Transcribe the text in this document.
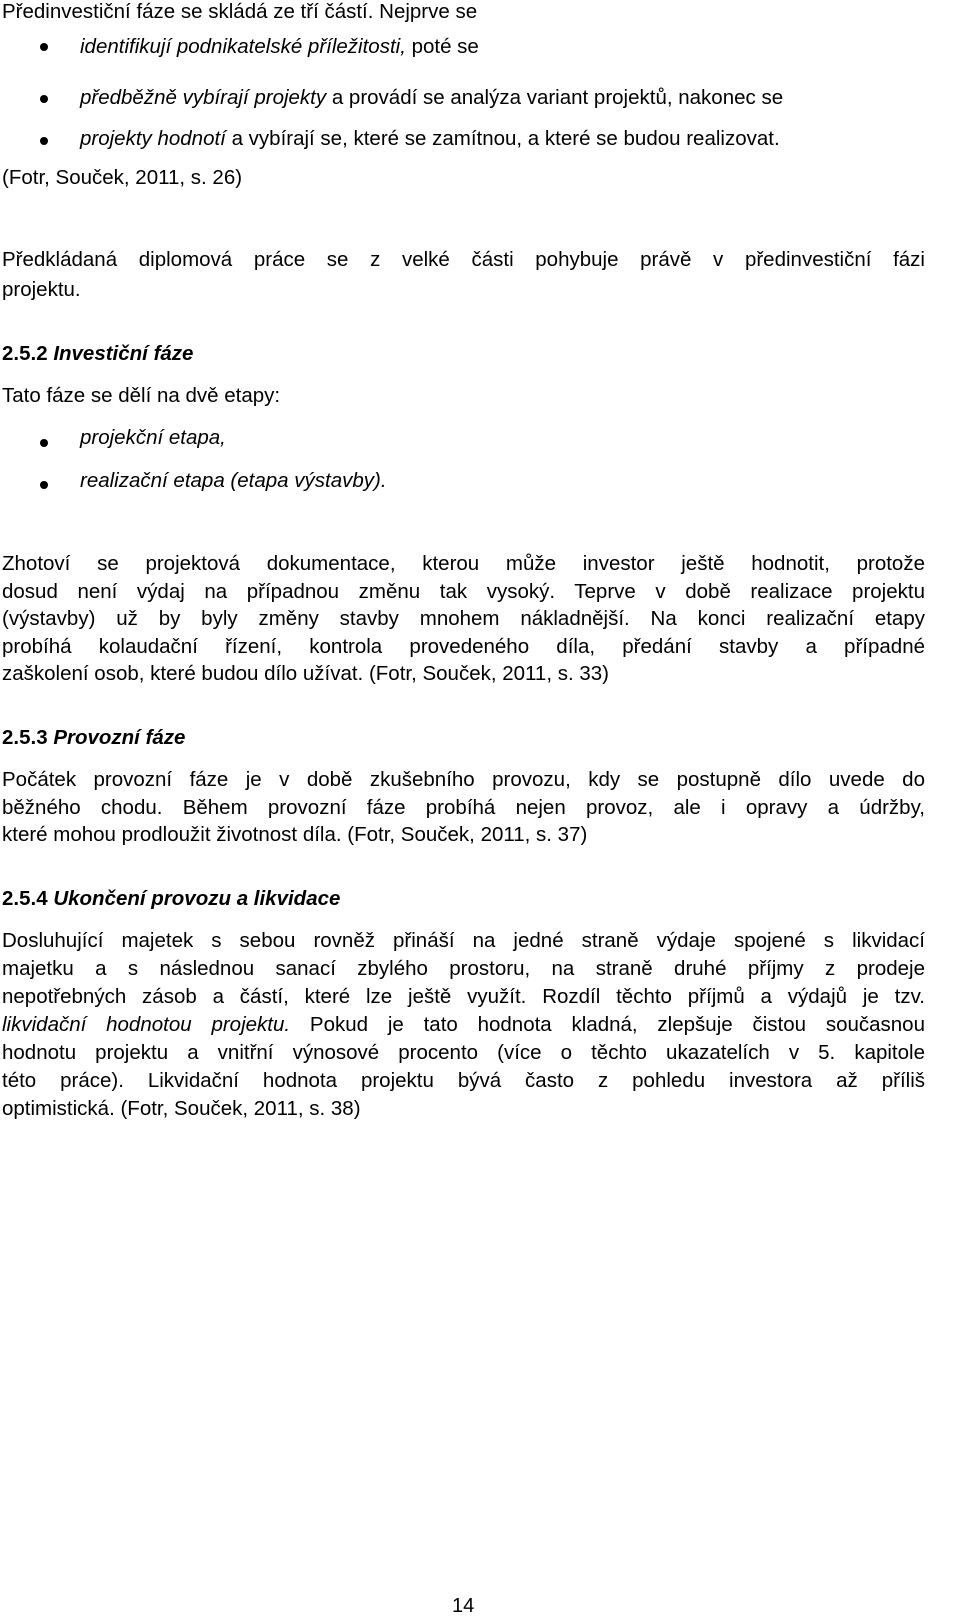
Předinvestiční fáze se skládá ze tří částí. Nejprve se
identifikují podnikatelské příležitosti, poté se
předběžně vybírají projekty a provádí se analýza variant projektů, nakonec se
projekty hodnotí a vybírají se, které se zamítnou, a které se budou realizovat.
(Fotr, Souček, 2011, s. 26)
Předkládaná diplomová práce se z velké části pohybuje právě v předinvestiční fázi
projektu.
2.5.2 Investiční fáze
Tato fáze se dělí na dvě etapy:
projekční etapa,
realizační etapa (etapa výstavby).
Zhotoví se projektová dokumentace, kterou může investor ještě hodnotit, protože
dosud není výdaj na případnou změnu tak vysoký. Teprve v době realizace projektu
(výstavby) už by byly změny stavby mnohem nákladnější. Na konci realizační etapy
probíhá kolaudační řízení, kontrola provedeného díla, předání stavby a případné
zaškolení osob, které budou dílo užívat. (Fotr, Souček, 2011, s. 33)
2.5.3 Provozní fáze
Počátek provozní fáze je v době zkušebního provozu, kdy se postupně dílo uvede do
běžného chodu. Během provozní fáze probíhá nejen provoz, ale i opravy a údržby,
které mohou prodloužit životnost díla. (Fotr, Souček, 2011, s. 37)
2.5.4 Ukončení provozu a likvidace
Dosluhující majetek s sebou rovněž přináší na jedné straně výdaje spojené s likvidací
majetku a s následnou sanací zbylého prostoru, na straně druhé příjmy z prodeje
nepotřebných zásob a částí, které lze ještě využít. Rozdíl těchto příjmů a výdajů je tzv.
likvidační hodnotou projektu. Pokud je tato hodnota kladná, zlepšuje čistou současnou
hodnotu projektu a vnitřní výnosové procento (více o těchto ukazatelích v 5. kapitole
této práce). Likvidační hodnota projektu bývá často z pohledu investora až příliš
optimistická. (Fotr, Souček, 2011, s. 38)
14
